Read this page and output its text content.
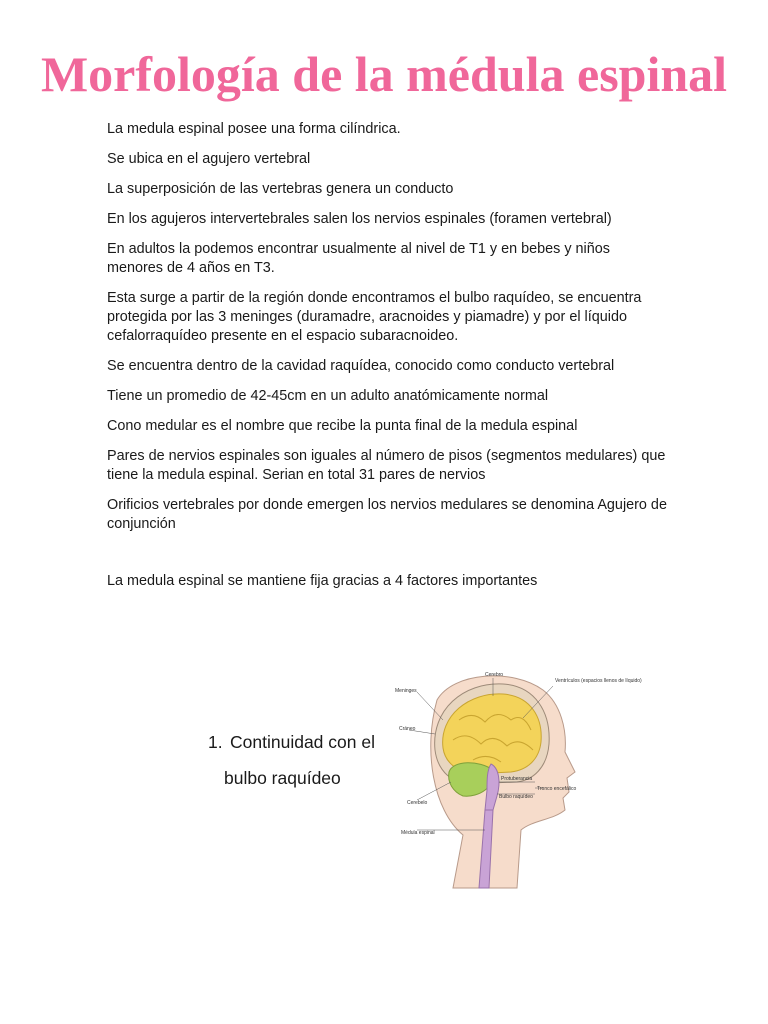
Morfología de la médula espinal

La medula espinal posee una forma cilíndrica.

Se ubica en el agujero vertebral

La superposición de las vertebras genera un conducto

En los agujeros intervertebrales salen los nervios espinales (foramen vertebral)

En adultos la podemos encontrar usualmente al nivel de T1 y en bebes y niños menores de 4 años en T3.

Esta surge a partir de la región donde encontramos el bulbo raquídeo, se encuentra protegida por las 3 meninges (duramadre, aracnoides y piamadre) y por el líquido cefalorraquídeo presente en el espacio subaracnoideo.

Se encuentra dentro de la cavidad raquídea, conocido como conducto vertebral

Tiene un promedio de 42-45cm en un adulto anatómicamente normal

Cono medular es el nombre que recibe la punta final de la medula espinal

Pares de nervios espinales son iguales al número de pisos (segmentos medulares) que tiene la medula espinal. Serian en total 31 pares de nervios

Orificios vertebrales por donde emergen los nervios medulares se denomina Agujero de conjunción

La medula espinal se mantiene fija gracias a 4 factores importantes

1. Continuidad con el
bulbo raquídeo
Cerebro
Ventrículos (espacios llenos de líquido)
Meninges
Cráneo
Protuberancia
Tronco encefálico
Bulbo raquídeo
Cerebelo
Médula espinal
